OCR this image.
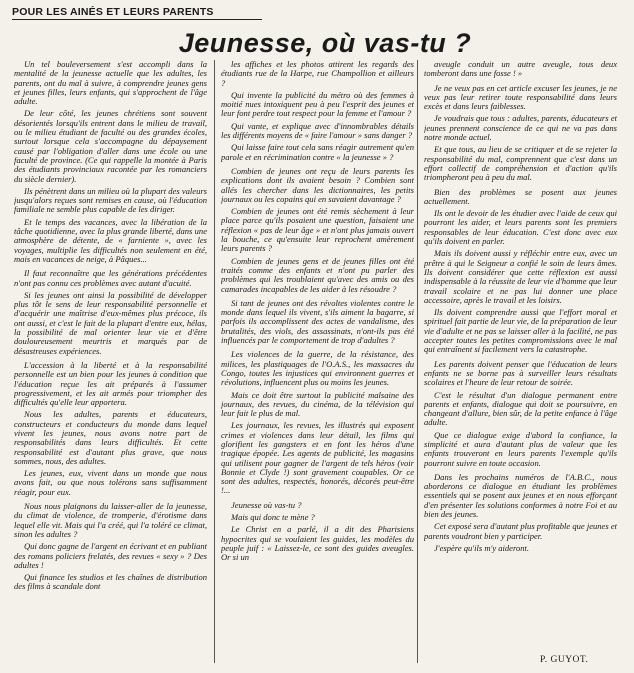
POUR LES AINÉS ET LEURS PARENTS
Jeunesse, où vas-tu ?

Un tel bouleversement s'est accompli dans la mentalité de la jeunesse actuelle que les adultes, les parents, ont du mal à suivre, à comprendre jeunes gens et jeunes filles, leurs enfants, qui s'approchent de l'âge adulte.

De leur côté, les jeunes chrétiens sont souvent désorientés lorsqu'ils entrent dans le milieu de travail, ou le milieu étudiant de faculté ou des grandes écoles, surtout lorsque cela s'accompagne du dépaysement causé par l'obligation d'aller dans une école ou une faculté de province. (Ce qui rappelle la montée à Paris des étudiants provinciaux racontée par les romanciers du siècle dernier).

Ils pénètrent dans un milieu où la plupart des valeurs jusqu'alors reçues sont remises en cause, où l'éducation familiale ne semble plus capable de les diriger.

Et le temps des vacances, avec la libération de la tâche quotidienne, avec la plus grande liberté, dans une atmosphère de détente, de « farniente », avec les voyages, multiplie les difficultés non seulement en été, mais en vacances de neige, à Pâques...

Il faut reconnaître que les générations précédentes n'ont pas connu ces problèmes avec autant d'acuité.

Si les jeunes ont ainsi la possibilité de développer plus tôt le sens de leur responsabilité personnelle et d'acquérir une maîtrise d'eux-mêmes plus précoce, ils ont aussi, et c'est le fait de la plupart d'entre eux, hélas, la possibilité de mal orienter leur vie et d'être douloureusement meurtris et marqués par de désastreuses expériences.

L'accession à la liberté et à la responsabilité personnelle est un bien pour les jeunes à condition que l'éducation reçue les ait préparés à l'assumer progressivement, et les ait armés pour triompher des difficultés qu'elle leur apportera.

Nous les adultes, parents et éducateurs, constructeurs et conducteurs du monde dans lequel vivent les jeunes, nous avons notre part de responsabilités dans leurs difficultés. Et cette responsabilité est d'autant plus grave, que nous sommes, nous, des adultes.

Les jeunes, eux, vivent dans un monde que nous avons fait, ou que nous tolérons sans suffisamment réagir, pour eux.

Nous nous plaignons du laisser-aller de la jeunesse, du climat de violence, de tromperie, d'érotisme dans lequel elle vit. Mais qui l'a créé, qui l'a toléré ce climat, sinon les adultes ?

Qui donc gagne de l'argent en écrivant et en publiant des romans policiers frelatés, des revues « sexy » ? Des adultes !

Qui finance les studios et les chaînes de distribution des films à scandale dont

les affiches et les photos attirent les regards des étudiants rue de la Harpe, rue Champollion et ailleurs ?

Qui invente la publicité du métro où des femmes à moitié nues intoxiquent peu à peu l'esprit des jeunes et leur font perdre tout respect pour la femme et l'amour ?

Qui vante, et explique avec d'innombrables détails les différents moyens de « faire l'amour » sans danger ?

Qui laisse faire tout cela sans réagir autrement qu'en parole et en récrimination contre « la jeunesse » ?

Combien de jeunes ont reçu de leurs parents les explications dont ils avaient besoin ? Combien sont allés les chercher dans les dictionnaires, les petits journaux ou les copains qui en savaient davantage ?

Combien de jeunes ont été remis sèchement à leur place parce qu'ils posaient une question, faisaient une réflexion « pas de leur âge » et n'ont plus jamais ouvert la bouche, ce qu'ensuite leur reprochent amèrement leurs parents ?

Combien de jeunes gens et de jeunes filles ont été traités comme des enfants et n'ont pu parler des problèmes qui les troublaient qu'avec des amis ou des camarades incapables de les aider à les résoudre ?

Si tant de jeunes ont des révoltes violentes contre le monde dans lequel ils vivent, s'ils aiment la bagarre, si parfois ils accomplissent des actes de vandalisme, des brutalités, des viols, des assassinats, n'ont-ils pas été influencés par le comportement de trop d'adultes ?

Les violences de la guerre, de la résistance, des milices, les plastiquages de l'O.A.S., les massacres du Congo, toutes les injustices qui environnent guerres et révolutions, influencent plus ou moins les jeunes.

Mais ce doit être surtout la publicité malsaine des journaux, des revues, du cinéma, de la télévision qui leur fait le plus de mal.

Les journaux, les revues, les illustrés qui exposent crimes et violences dans leur détail, les films qui glorifient les gangsters et en font les héros d'une tragique épopée. Les agents de publicité, les magasins qui utilisent pour gagner de l'argent de tels héros (voir Bonnie et Clyde !) sont gravement coupables. Or ce sont des adultes, respectés, honorés, décorés peut-être !...

Jeunesse où vas-tu ?

Mais qui donc te mène ?

Le Christ en a parlé, il a dit des Pharisiens hypocrites qui se voulaient les guides, les modèles du peuple juif : « Laissez-le, ce sont des guides aveugles. Or si un

aveugle conduit un autre aveugle, tous deux tomberont dans une fosse ! »

Je ne veux pas en cet article excuser les jeunes, je ne veux pas leur retirer toute responsabilité dans leurs excès et dans leurs faiblesses.

Je voudrais que tous : adultes, parents, éducateurs et jeunes prennent conscience de ce qui ne va pas dans notre monde actuel.

Et que tous, au lieu de se critiquer et de se rejeter la responsabilité du mal, comprennent que c'est dans un effort collectif de compréhension et d'action qu'ils triompheront peu à peu du mal.

Bien des problèmes se posent aux jeunes actuellement.

Ils ont le devoir de les étudier avec l'aide de ceux qui pourront les aider, et leurs parents sont les premiers responsables de leur éducation. C'est donc avec eux qu'ils doivent en parler.

Mais ils doivent aussi y réfléchir entre eux, avec un prêtre à qui le Seigneur a confié le soin de leurs âmes. Ils doivent considérer que cette réflexion est aussi indispensable à la réussite de leur vie d'homme que leur travail scolaire et ne pas lui donner une place accessoire, après le travail et les loisirs.

Ils doivent comprendre aussi que l'effort moral et spirituel fait partie de leur vie, de la préparation de leur vie d'adulte et ne pas se laisser aller à la facilité, ne pas accepter toutes les petites compromissions avec le mal qui entraînent si facilement vers la catastrophe.

Les parents doivent penser que l'éducation de leurs enfants ne se borne pas à surveiller leurs résultats scolaires et l'heure de leur retour de soirée.

C'est le résultat d'un dialogue permanent entre parents et enfants, dialogue qui doit se poursuivre, en changeant d'allure, bien sûr, de la petite enfance à l'âge adulte.

Que ce dialogue exige d'abord la confiance, la simplicité et aura d'autant plus de valeur que les enfants trouveront en leurs parents l'exemple qu'ils pourront suivre en toute occasion.

Dans les prochains numéros de l'A.B.C., nous aborderons ce dialogue en étudiant les problèmes essentiels qui se posent aux jeunes et en nous efforçant d'en présenter les solutions conformes à notre Foi et au bien des jeunes.

Cet exposé sera d'autant plus profitable que jeunes et parents voudront bien y participer.

J'espère qu'ils m'y aideront.

P. GUYOT.
